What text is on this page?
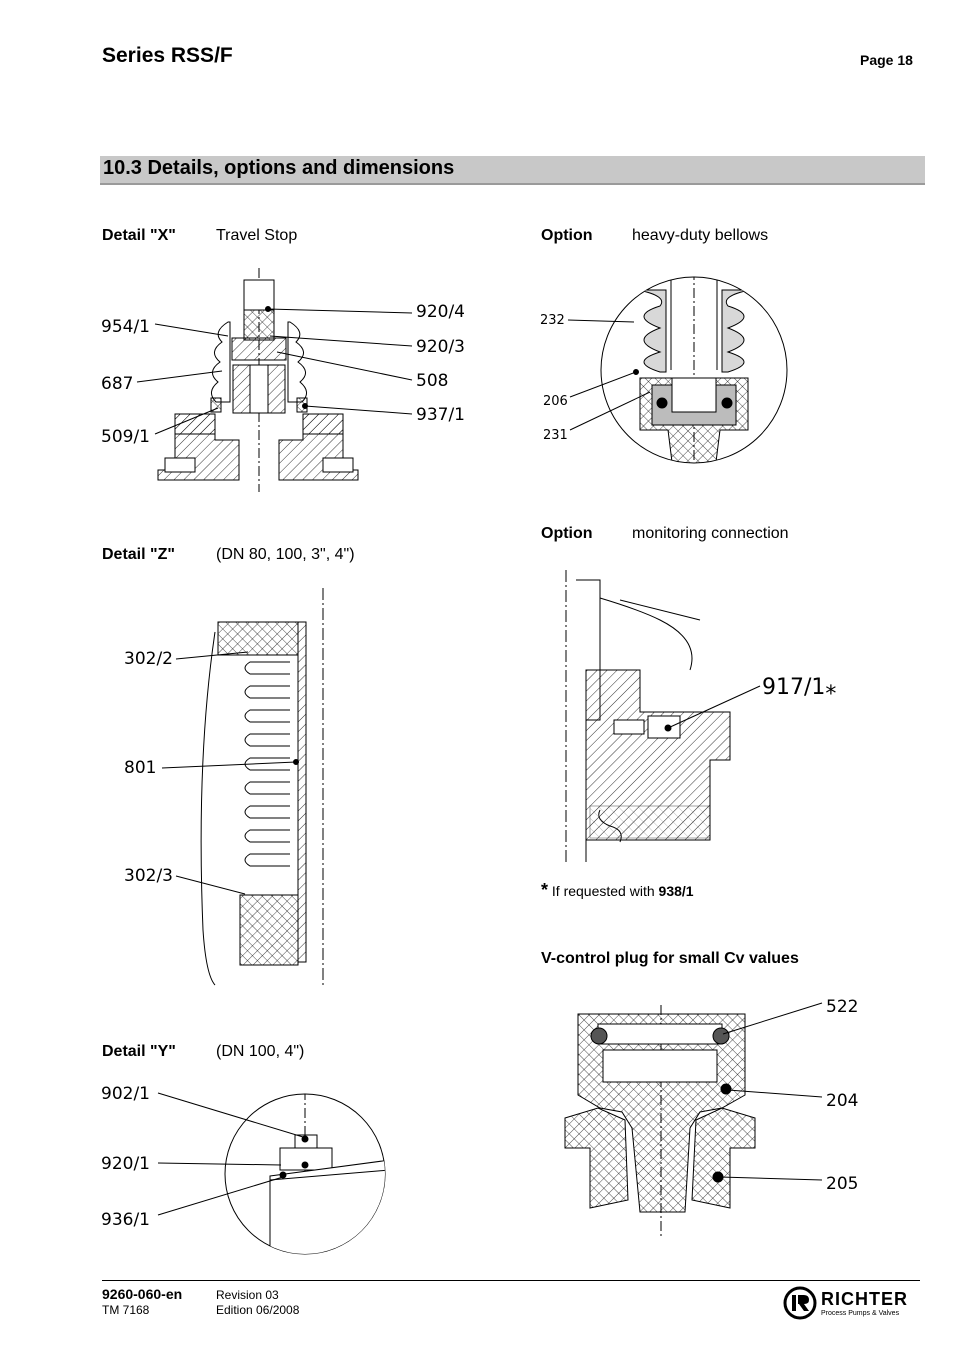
Series RSS/F	Page 18
10.3 Details, options and dimensions
Detail "X"	Travel Stop
Detail "Z"	(DN 80, 100, 3", 4")
Detail "Y"	(DN 100, 4")
Option heavy-duty bellows
Option monitoring connection
* If requested with 938/1
V-control plug for small Cv values
954/1
687
509/1
920/4
920/3
508
937/1
232
206
231
302/2
801
302/3
917/1⁎
902/1
920/1
936/1
522
204
205
9260-060-en
TM 7168
Revision 03
Edition 06/2008
RICHTER
Process Pumps & Valves
